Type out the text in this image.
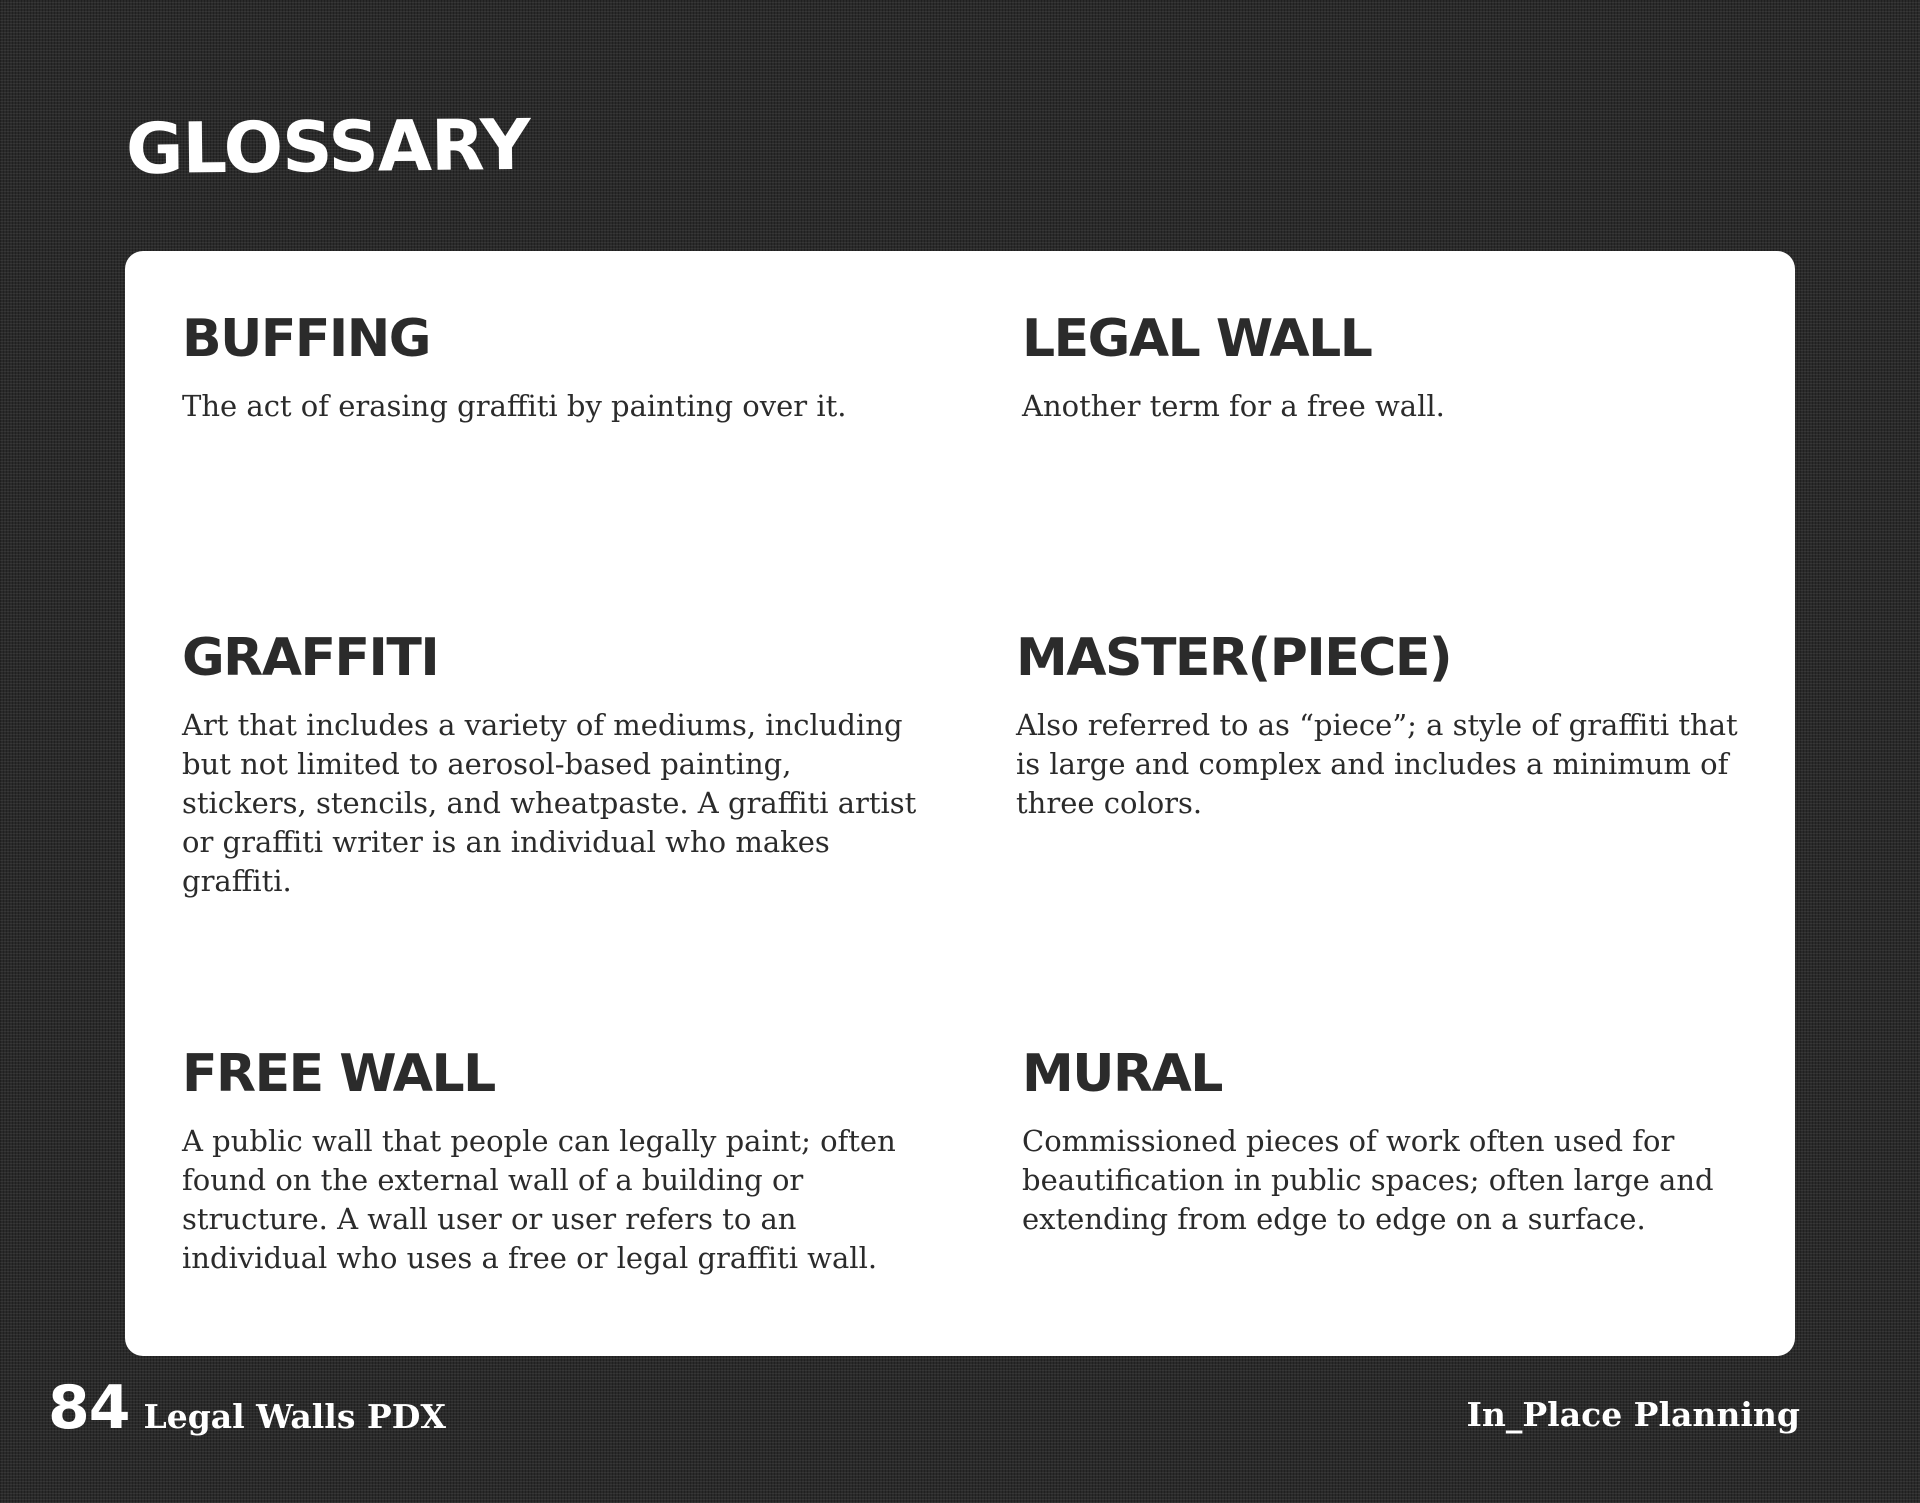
GLOSSARY
BUFFING

The act of erasing graffiti by painting over it.

LEGAL WALL

Another term for a free wall.

GRAFFITI

Art that includes a variety of mediums, including but not limited to aerosol-based painting, stickers, stencils, and wheatpaste. A graffiti artist or graffiti writer is an individual who makes graffiti.

MASTER(PIECE)

Also referred to as “piece”; a style of graffiti that is large and complex and includes a minimum of three colors.

FREE WALL

A public wall that people can legally paint; often found on the external wall of a building or structure. A wall user or user refers to an individual who uses a free or legal graffiti wall.

MURAL

Commissioned pieces of work often used for beautification in public spaces; often large and extending from edge to edge on a surface.

84 Legal Walls PDX	In_Place Planning
